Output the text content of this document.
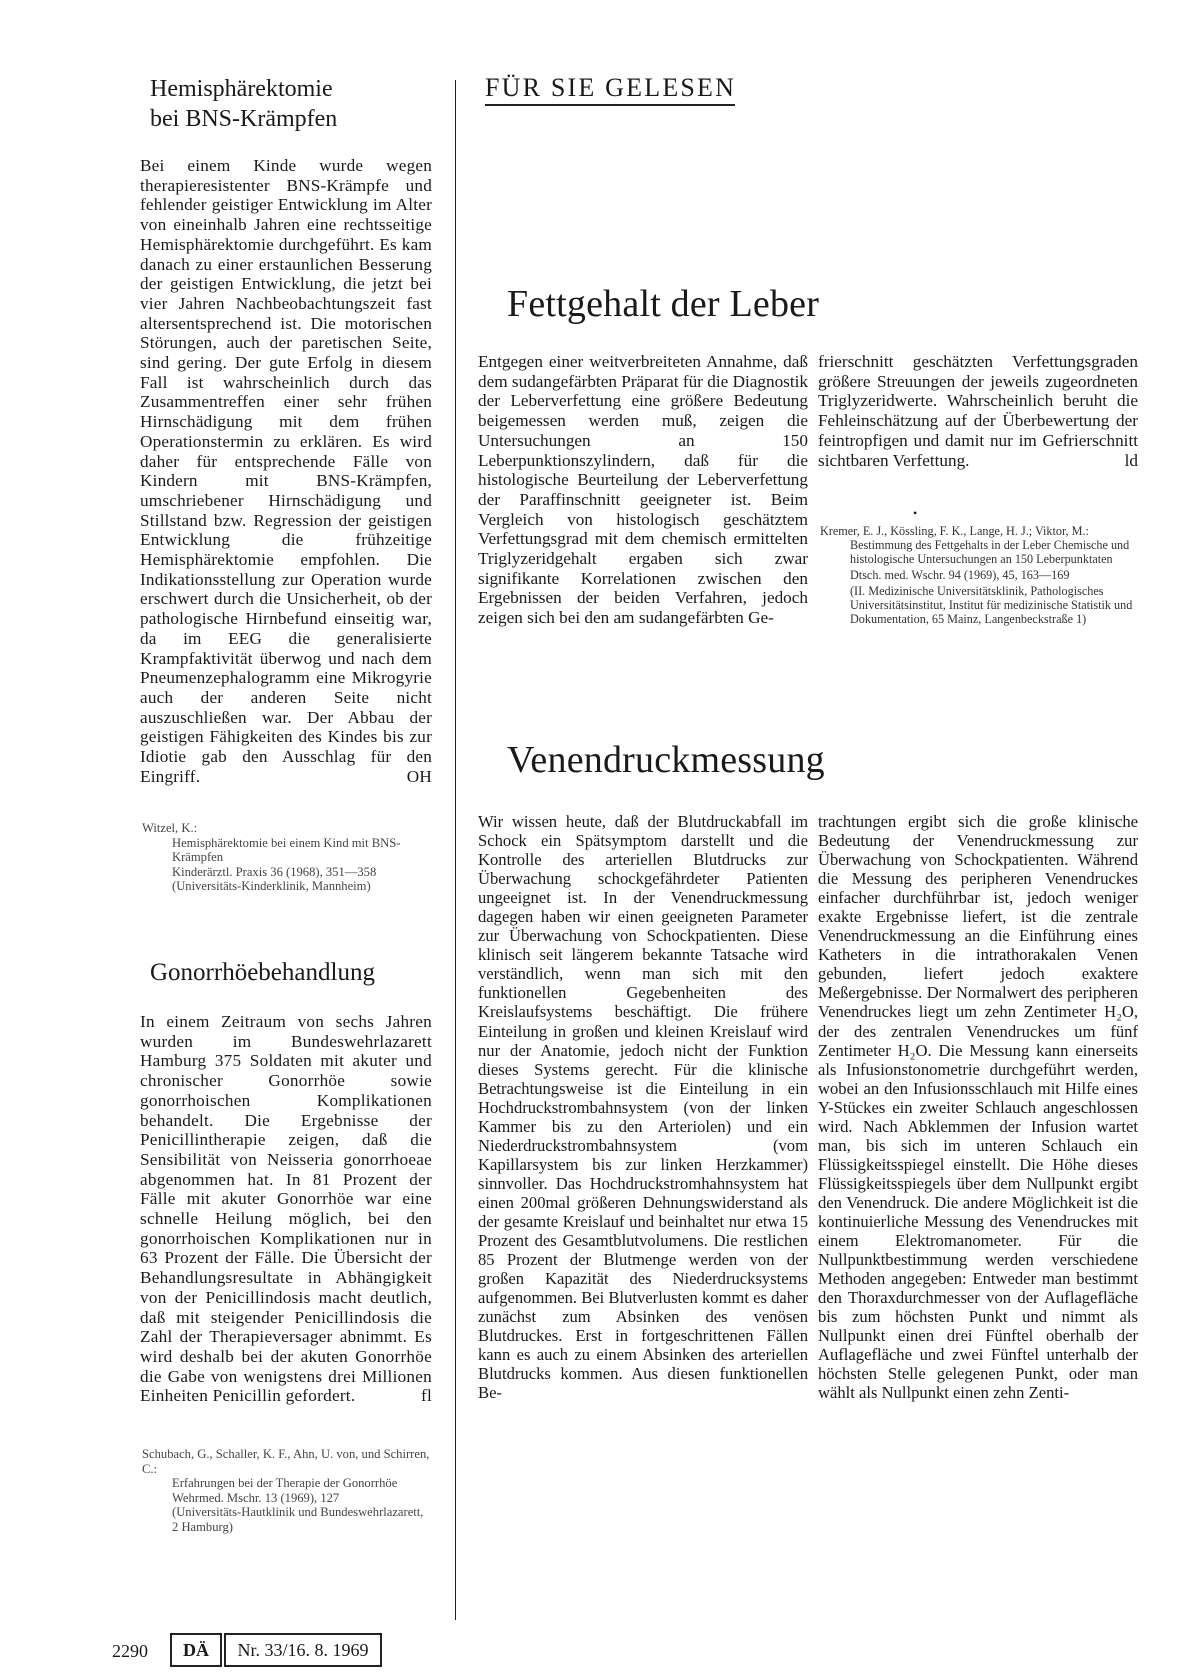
Hemisphärektomie
bei BNS-Krämpfen

Bei einem Kinde wurde wegen therapieresistenter BNS-Krämpfe und fehlender geistiger Entwicklung im Alter von eineinhalb Jahren eine rechtsseitige Hemisphärektomie durchgeführt. Es kam danach zu einer erstaunlichen Besserung der geistigen Entwicklung, die jetzt bei vier Jahren Nachbeobachtungszeit fast altersentsprechend ist. Die motorischen Störungen, auch der paretischen Seite, sind gering. Der gute Erfolg in diesem Fall ist wahrscheinlich durch das Zusammentreffen einer sehr frühen Hirnschädigung mit dem frühen Operationstermin zu erklären. Es wird daher für entsprechende Fälle von Kindern mit BNS-Krämpfen, umschriebener Hirnschädigung und Stillstand bzw. Regression der geistigen Entwicklung die frühzeitige Hemisphärektomie empfohlen. Die Indikationsstellung zur Operation wurde erschwert durch die Unsicherheit, ob der pathologische Hirnbefund einseitig war, da im EEG die generalisierte Krampfaktivität überwog und nach dem Pneumenzephalogramm eine Mikrogyrie auch der anderen Seite nicht auszuschließen war. Der Abbau der geistigen Fähigkeiten des Kindes bis zur Idiotie gab den Ausschlag für den Eingriff.	OH

Witzel, K.:
Hemisphärektomie bei einem Kind mit BNS-Krämpfen
Kinderärztl. Praxis 36 (1968), 351—358
(Universitäts-Kinderklinik, Mannheim)
Gonorrhöebehandlung

In einem Zeitraum von sechs Jahren wurden im Bundeswehrlazarett Hamburg 375 Soldaten mit akuter und chronischer Gonorrhöe sowie gonorrhoischen Komplikationen behandelt. Die Ergebnisse der Penicillintherapie zeigen, daß die Sensibilität von Neisseria gonorrhoeae abgenommen hat. In 81 Prozent der Fälle mit akuter Gonorrhöe war eine schnelle Heilung möglich, bei den gonorrhoischen Komplikationen nur in 63 Prozent der Fälle. Die Übersicht der Behandlungsresultate in Abhängigkeit von der Penicillindosis macht deutlich, daß mit steigender Penicillindosis die Zahl der Therapieversager abnimmt. Es wird deshalb bei der akuten Gonorrhöe die Gabe von wenigstens drei Millionen Einheiten Penicillin gefordert.	fl

Schubach, G., Schaller, K. F., Ahn, U. von, und Schirren, C.:
Erfahrungen bei der Therapie der Gonorrhöe
Wehrmed. Mschr. 13 (1969), 127
(Universitäts-Hautklinik und Bundeswehrlazarett, 2 Hamburg)
FÜR SIE GELESEN
Fettgehalt der Leber

Entgegen einer weitverbreiteten Annahme, daß dem sudangefärbten Präparat für die Diagnostik der Leberverfettung eine größere Bedeutung beigemessen werden muß, zeigen die Untersuchungen an 150 Leberpunktionszylindern, daß für die histologische Beurteilung der Leberverfettung der Paraffinschnitt geeigneter ist. Beim Vergleich von histologisch geschätztem Verfettungsgrad mit dem chemisch ermittelten Triglyzeridgehalt ergaben sich zwar signifikante Korrelationen zwischen den Ergebnissen der beiden Verfahren, jedoch zeigen sich bei den am sudangefärbten Ge-

frierschnitt geschätzten Verfettungsgraden größere Streuungen der jeweils zugeordneten Triglyzeridwerte. Wahrscheinlich beruht die Fehleinschätzung auf der Überbewertung der feintropfigen und damit nur im Gefrierschnitt sichtbaren Verfettung.	ld

•
Kremer, E. J., Kössling, F. K., Lange, H. J.; Viktor, M.:
Bestimmung des Fettgehalts in der Leber Chemische und histologische Untersuchungen an 150 Leberpunktaten
Dtsch. med. Wschr. 94 (1969), 45, 163—169
(II. Medizinische Universitätsklinik, Pathologisches Universitätsinstitut, Institut für medizinische Statistik und Dokumentation, 65 Mainz, Langenbeckstraße 1)
Venendruckmessung

Wir wissen heute, daß der Blutdruckabfall im Schock ein Spätsymptom darstellt und die Kontrolle des arteriellen Blutdrucks zur Überwachung schockgefährdeter Patienten ungeeignet ist. In der Venendruckmessung dagegen haben wir einen geeigneten Parameter zur Überwachung von Schockpatienten. Diese klinisch seit längerem bekannte Tatsache wird verständlich, wenn man sich mit den funktionellen Gegebenheiten des Kreislaufsystems beschäftigt. Die frühere Einteilung in großen und kleinen Kreislauf wird nur der Anatomie, jedoch nicht der Funktion dieses Systems gerecht. Für die klinische Betrachtungsweise ist die Einteilung in ein Hochdruckstrombahnsystem (von der linken Kammer bis zu den Arteriolen) und ein Niederdruckstrombahnsystem (vom Kapillarsystem bis zur linken Herzkammer) sinnvoller. Das Hochdruckstromhahnsystem hat einen 200mal größeren Dehnungswiderstand als der gesamte Kreislauf und beinhaltet nur etwa 15 Prozent des Gesamtblutvolumens. Die restlichen 85 Prozent der Blutmenge werden von der großen Kapazität des Niederdrucksystems aufgenommen. Bei Blutverlusten kommt es daher zunächst zum Absinken des venösen Blutdruckes. Erst in fortgeschrittenen Fällen kann es auch zu einem Absinken des arteriellen Blutdrucks kommen. Aus diesen funktionellen Be-

trachtungen ergibt sich die große klinische Bedeutung der Venendruckmessung zur Überwachung von Schockpatienten. Während die Messung des peripheren Venendruckes einfacher durchführbar ist, jedoch weniger exakte Ergebnisse liefert, ist die zentrale Venendruckmessung an die Einführung eines Katheters in die intrathorakalen Venen gebunden, liefert jedoch exaktere Meßergebnisse. Der Normalwert des peripheren Venendruckes liegt um zehn Zentimeter H₂O, der des zentralen Venendruckes um fünf Zentimeter H₂O. Die Messung kann einerseits als Infusionstonometrie durchgeführt werden, wobei an den Infusionsschlauch mit Hilfe eines Y-Stückes ein zweiter Schlauch angeschlossen wird. Nach Abklemmen der Infusion wartet man, bis sich im unteren Schlauch ein Flüssigkeitsspiegel einstellt. Die Höhe dieses Flüssigkeitsspiegels über dem Nullpunkt ergibt den Venendruck. Die andere Möglichkeit ist die kontinuierliche Messung des Venendruckes mit einem Elektromanometer. Für die Nullpunktbestimmung werden verschiedene Methoden angegeben: Entweder man bestimmt den Thoraxdurchmesser von der Auflagefläche bis zum höchsten Punkt und nimmt als Nullpunkt einen drei Fünftel oberhalb der Auflagefläche und zwei Fünftel unterhalb der höchsten Stelle gelegenen Punkt, oder man wählt als Nullpunkt einen zehn Zenti-

2290	DÄ	Nr. 33/16. 8. 1969
